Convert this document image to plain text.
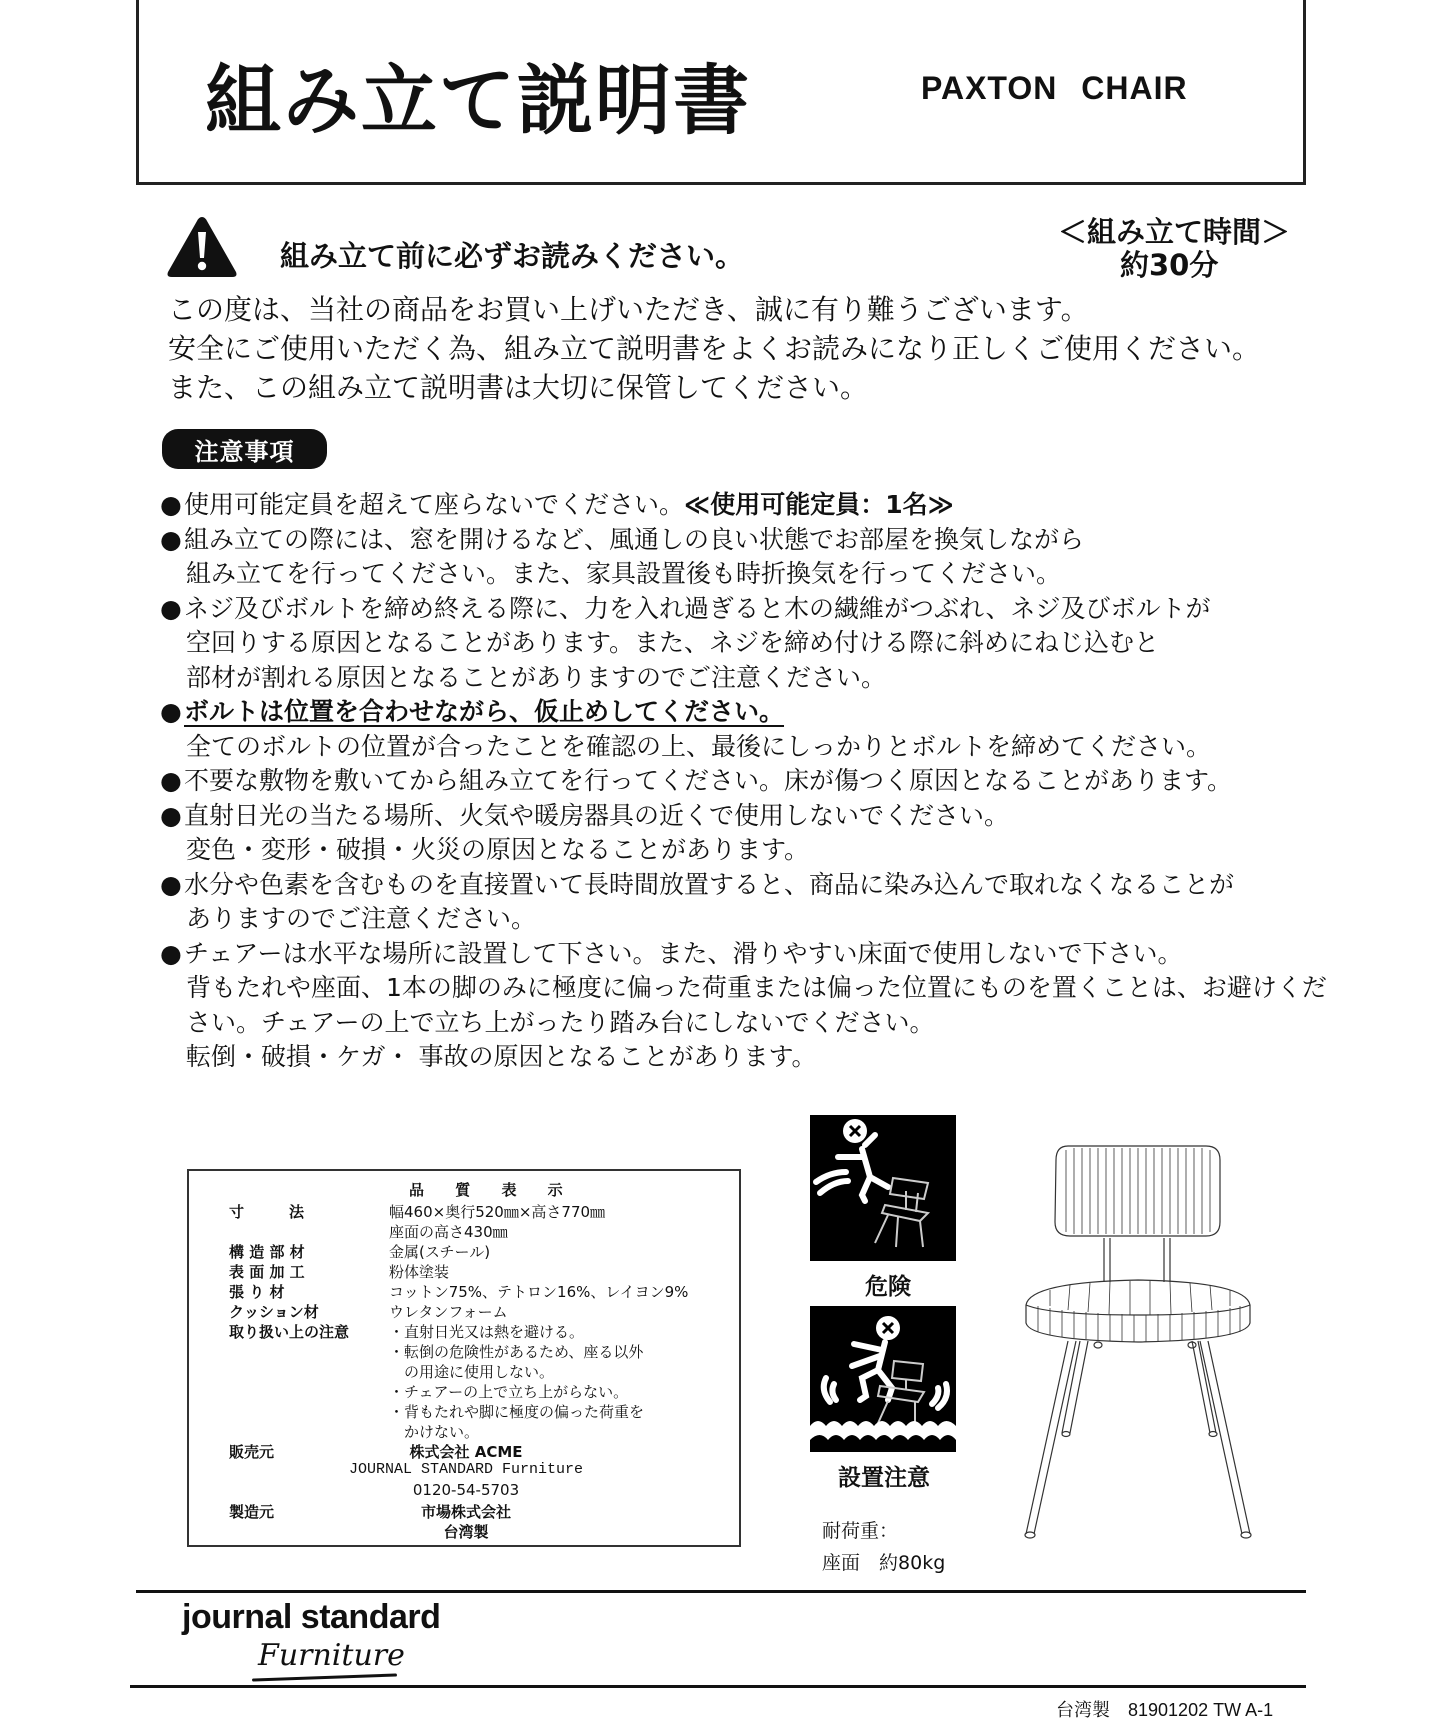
組み立て説明書	PAXTON CHAIR
組み立て前に必ずお読みください。
＜組み立て時間＞
約30分
この度は、当社の商品をお買い上げいただき、誠に有り難うございます。
安全にご使用いただく為、組み立て説明書をよくお読みになり正しくご使用ください。
また、この組み立て説明書は大切に保管してください。
注意事項
●使用可能定員を超えて座らないでください。≪使用可能定員：1名≫
●組み立ての際には、窓を開けるなど、風通しの良い状態でお部屋を換気しながら
組み立てを行ってください。また、家具設置後も時折換気を行ってください。
●ネジ及びボルトを締め終える際に、力を入れ過ぎると木の繊維がつぶれ、ネジ及びボルトが
空回りする原因となることがあります。また、ネジを締め付ける際に斜めにねじ込むと
部材が割れる原因となることがありますのでご注意ください。
●ボルトは位置を合わせながら、仮止めしてください。
全てのボルトの位置が合ったことを確認の上、最後にしっかりとボルトを締めてください。
●不要な敷物を敷いてから組み立てを行ってください。床が傷つく原因となることがあります。
●直射日光の当たる場所、火気や暖房器具の近くで使用しないでください。
変色・変形・破損・火災の原因となることがあります。
●水分や色素を含むものを直接置いて長時間放置すると、商品に染み込んで取れなくなることが
ありますのでご注意ください。
●チェアーは水平な場所に設置して下さい。また、滑りやすい床面で使用しないで下さい。
背もたれや座面、1本の脚のみに極度に偏った荷重または偏った位置にものを置くことは、お避けくだ
さい。チェアーの上で立ち上がったり踏み台にしないでください。
転倒・破損・ケガ・ 事故の原因となることがあります。
品 質 表 示
寸　　　法	幅460×奥行520㎜×高さ770㎜
座面の高さ430㎜
構 造 部 材	金属(スチール)
表 面 加 工	粉体塗装
張 り 材	コットン75%、テトロン16%、レイヨン9%
クッション材	ウレタンフォーム
取り扱い上の注意	・直射日光又は熱を避ける。
・転倒の危険性があるため、座る以外
　の用途に使用しない。
・チェアーの上で立ち上がらない。
・背もたれや脚に極度の偏った荷重を
　かけない。
販売元	株式会社 ACME
JOURNAL STANDARD Furniture
0120-54-5703
製造元	市場株式会社
台湾製
危険
設置注意
耐荷重：
座面　 約80kg
journal standard
Furniture
台湾製　81901202 TW A-1
